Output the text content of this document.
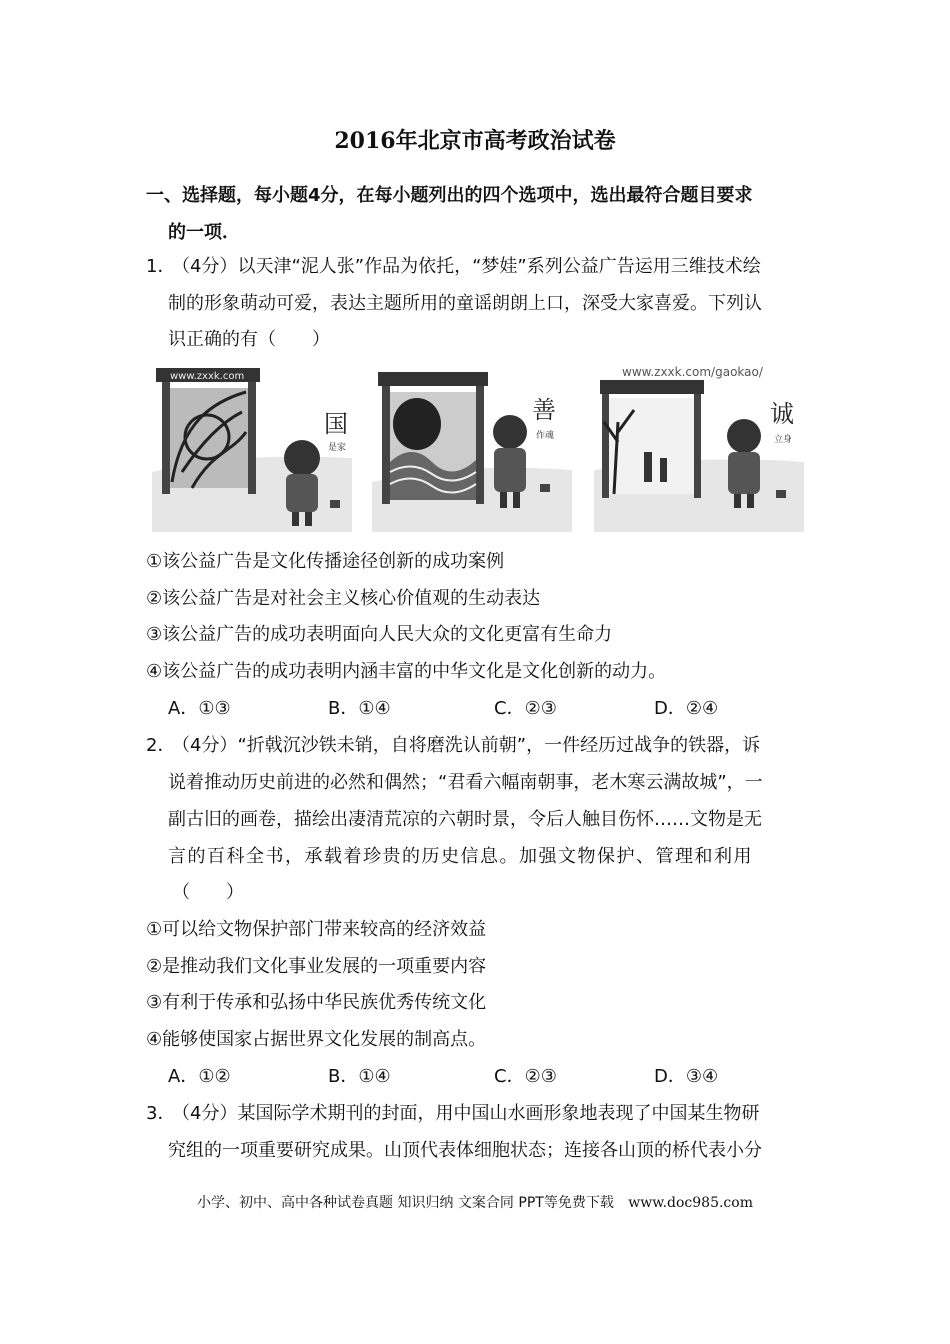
2016年北京市高考政治试卷
一、选择题，每小题4分，在每小题列出的四个选项中，选出最符合题目要求
的一项．
1．
（4分）以天津“泥人张”作品为依托，“梦娃”系列公益广告运用三维技术绘
制的形象萌动可爱，表达主题所用的童谣朗朗上口，深受大家喜爱。下列认
识正确的有（　　）
www.zxxk.com
国
是家
善
作魂
www.zxxk.com/gaokao/
诚
立身
①该公益广告是文化传播途径创新的成功案例
②该公益广告是对社会主义核心价值观的生动表达
③该公益广告的成功表明面向人民大众的文化更富有生命力
④该公益广告的成功表明内涵丰富的中华文化是文化创新的动力。
A．①③	B．①④	C．②③	D．②④
2．
（4分）“折戟沉沙铁未销，自将磨洗认前朝”，一件经历过战争的铁器，诉
说着推动历史前进的必然和偶然；“君看六幅南朝事，老木寒云满故城”，一
副古旧的画卷，描绘出凄清荒凉的六朝时景，令后人触目伤怀……文物是无
言的百科全书，承载着珍贵的历史信息。加强文物保护、管理和利用
（　　）
①可以给文物保护部门带来较高的经济效益
②是推动我们文化事业发展的一项重要内容
③有利于传承和弘扬中华民族优秀传统文化
④能够使国家占据世界文化发展的制高点。
A．①②	B．①④	C．②③	D．③④
3．
（4分）某国际学术期刊的封面，用中国山水画形象地表现了中国某生物研
究组的一项重要研究成果。山顶代表体细胞状态；连接各山顶的桥代表小分
小学、初中、高中各种试卷真题 知识归纳 文案合同 PPT等免费下载 www.doc985.com
